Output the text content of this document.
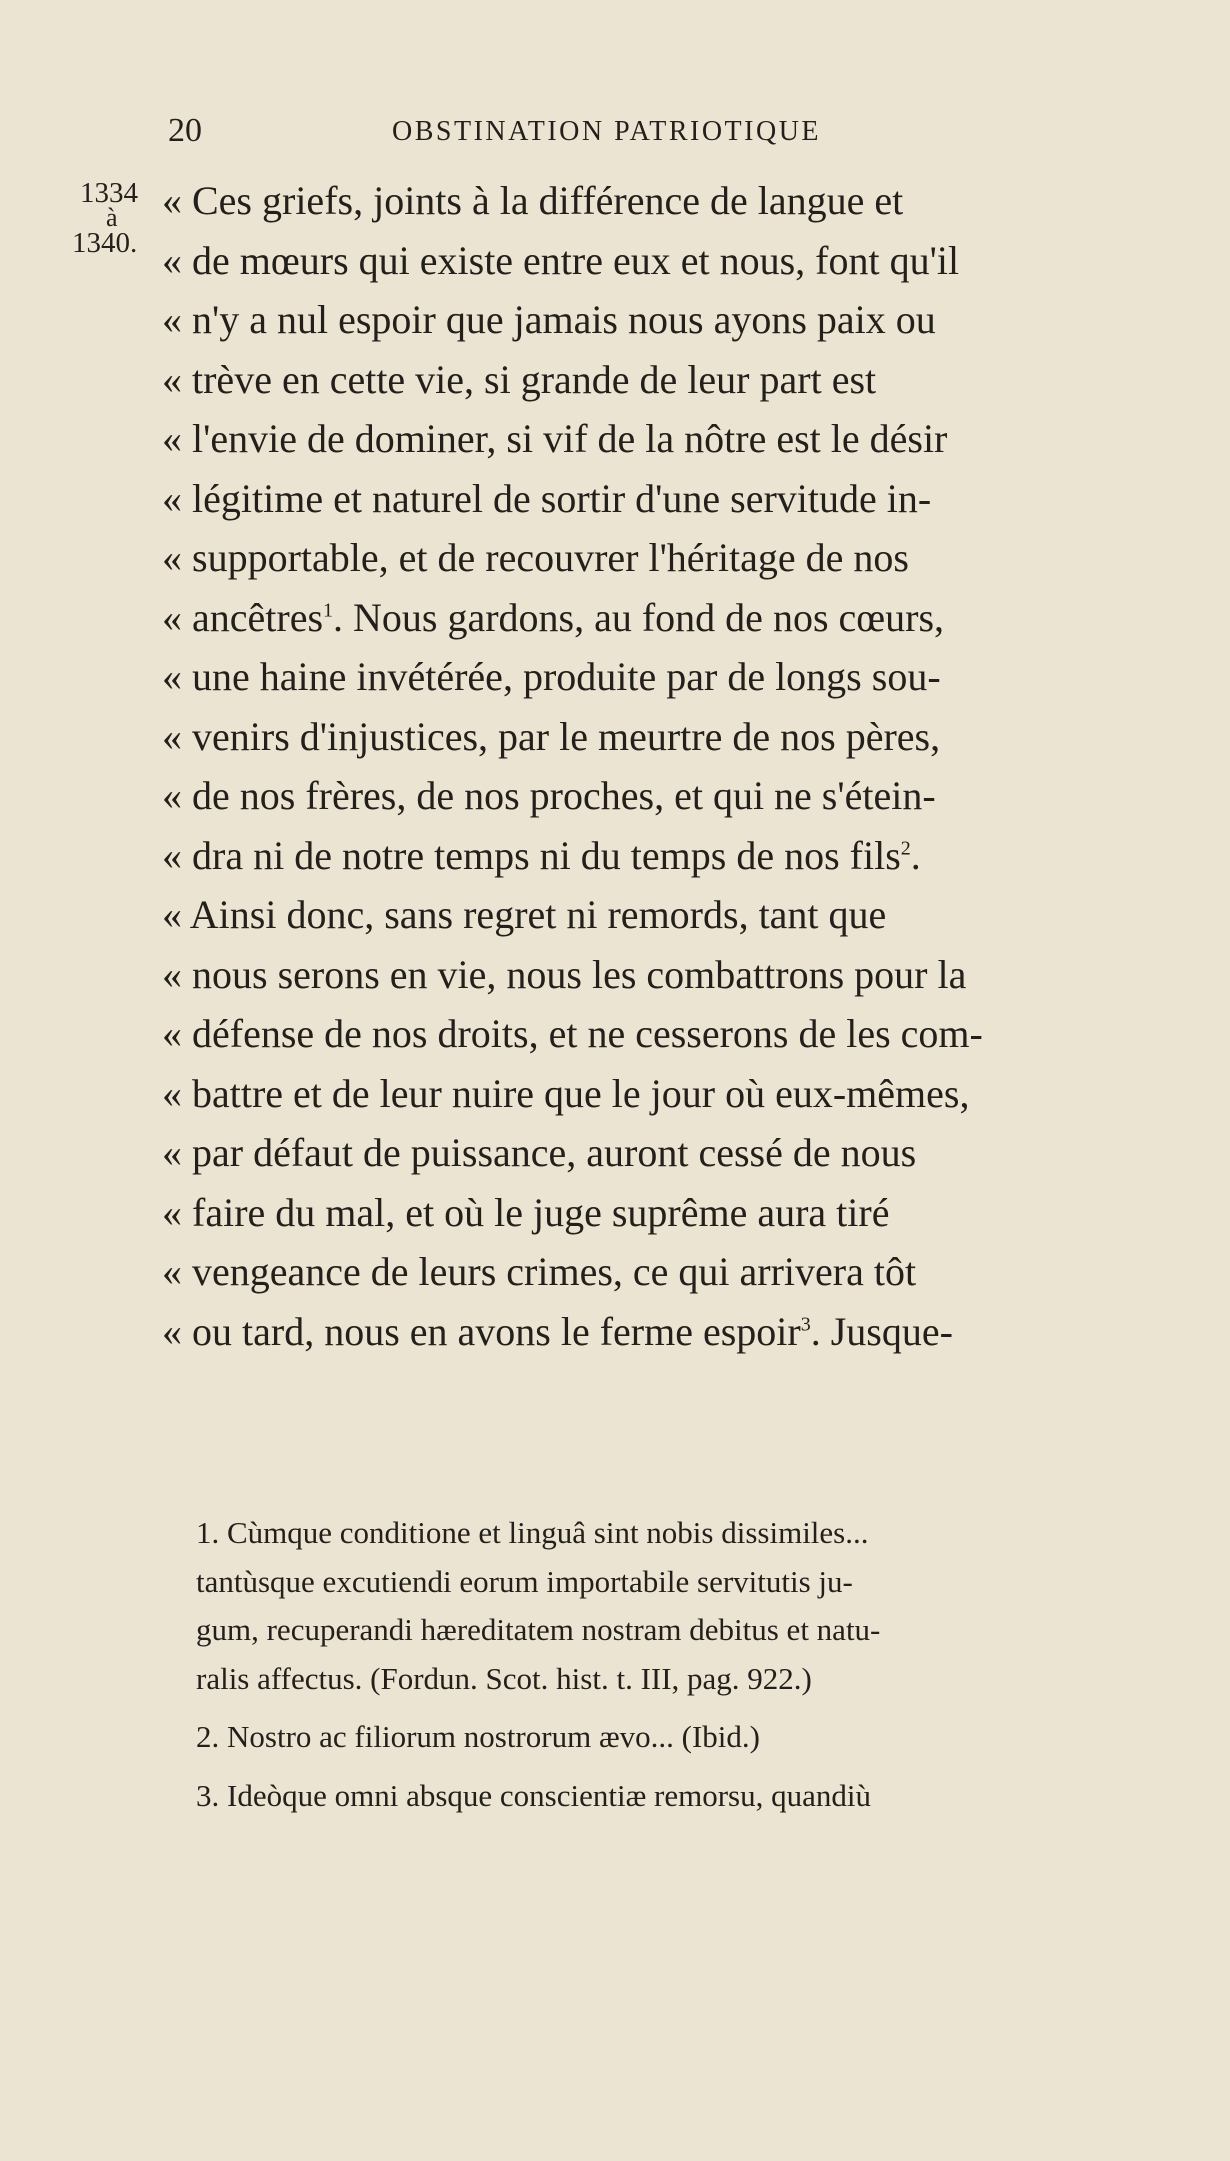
20	OBSTINATION PATRIOTIQUE
1334
à
1340.
« Ces griefs, joints à la différence de langue et
« de mœurs qui existe entre eux et nous, font qu'il
« n'y a nul espoir que jamais nous ayons paix ou
« trève en cette vie, si grande de leur part est
« l'envie de dominer, si vif de la nôtre est le désir
« légitime et naturel de sortir d'une servitude in-
« supportable, et de recouvrer l'héritage de nos
« ancêtres$^1$. Nous gardons, au fond de nos cœurs,
« une haine invétérée, produite par de longs sou-
« venirs d'injustices, par le meurtre de nos pères,
« de nos frères, de nos proches, et qui ne s'étein-
« dra ni de notre temps ni du temps de nos fils$^2$.
« Ainsi donc, sans regret ni remords, tant que
« nous serons en vie, nous les combattrons pour la
« défense de nos droits, et ne cesserons de les com-
« battre et de leur nuire que le jour où eux-mêmes,
« par défaut de puissance, auront cessé de nous
« faire du mal, et où le juge suprême aura tiré
« vengeance de leurs crimes, ce qui arrivera tôt
« ou tard, nous en avons le ferme espoir$^3$. Jusque-
1. Cùmque conditione et linguâ sint nobis dissimiles...
tantùsque excutiendi eorum importabile servitutis ju-
gum, recuperandi hæreditatem nostram debitus et natu-
ralis affectus. (Fordun. Scot. hist. t. III, pag. 922.)
2. Nostro ac filiorum nostrorum ævo... (Ibid.)
3. Ideòque omni absque conscientiæ remorsu, quandiù
